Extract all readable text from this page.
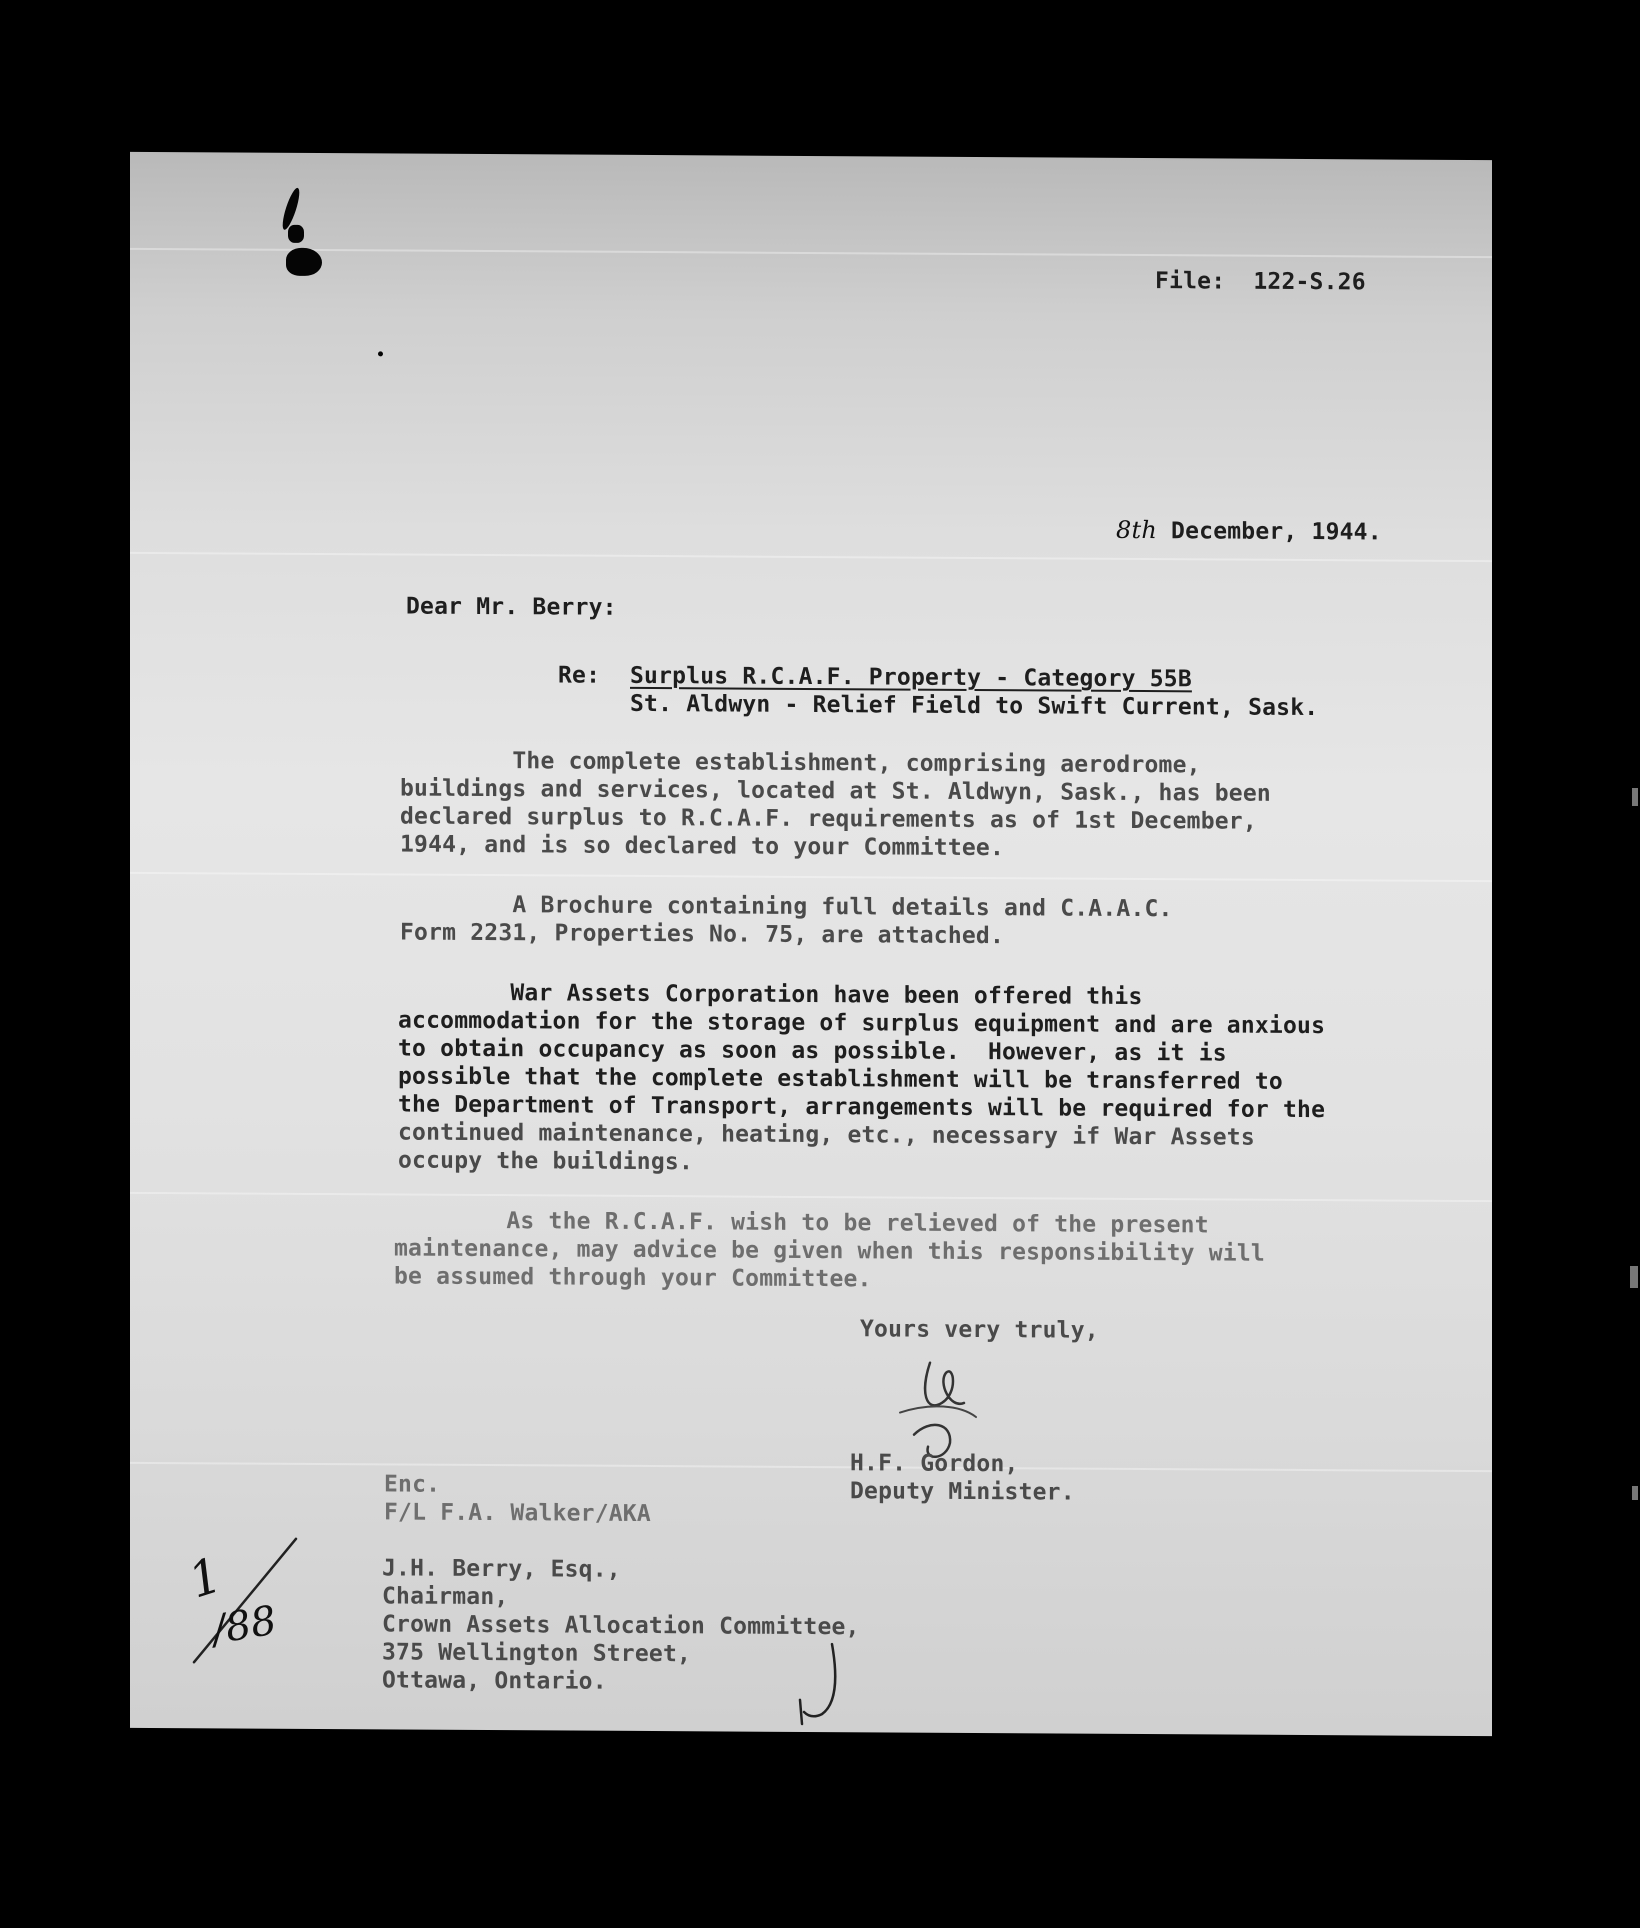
File: 122-S.26

8th December, 1944.

Dear Mr. Berry:

Re: Surplus R.C.A.F. Property - Category 55B

St. Aldwyn - Relief Field to Swift Current, Sask.

The complete establishment, comprising aerodrome,

buildings and services, located at St. Aldwyn, Sask., has been

declared surplus to R.C.A.F. requirements as of 1st December,

1944, and is so declared to your Committee.

A Brochure containing full details and C.A.A.C.

Form 2231, Properties No. 75, are attached.

War Assets Corporation have been offered this

accommodation for the storage of surplus equipment and are anxious

to obtain occupancy as soon as possible.  However, as it is

possible that the complete establishment will be transferred to

the Department of Transport, arrangements will be required for the

continued maintenance, heating, etc., necessary if War Assets

occupy the buildings.

As the R.C.A.F. wish to be relieved of the present

maintenance, may advice be given when this responsibility will

be assumed through your Committee.

Yours very truly,

H.F. Gordon,

Deputy Minister.

Enc.

F/L F.A. Walker/AKA

J.H. Berry, Esq.,

Chairman,

Crown Assets Allocation Committee,

375 Wellington Street,

Ottawa, Ontario.

1
/88
